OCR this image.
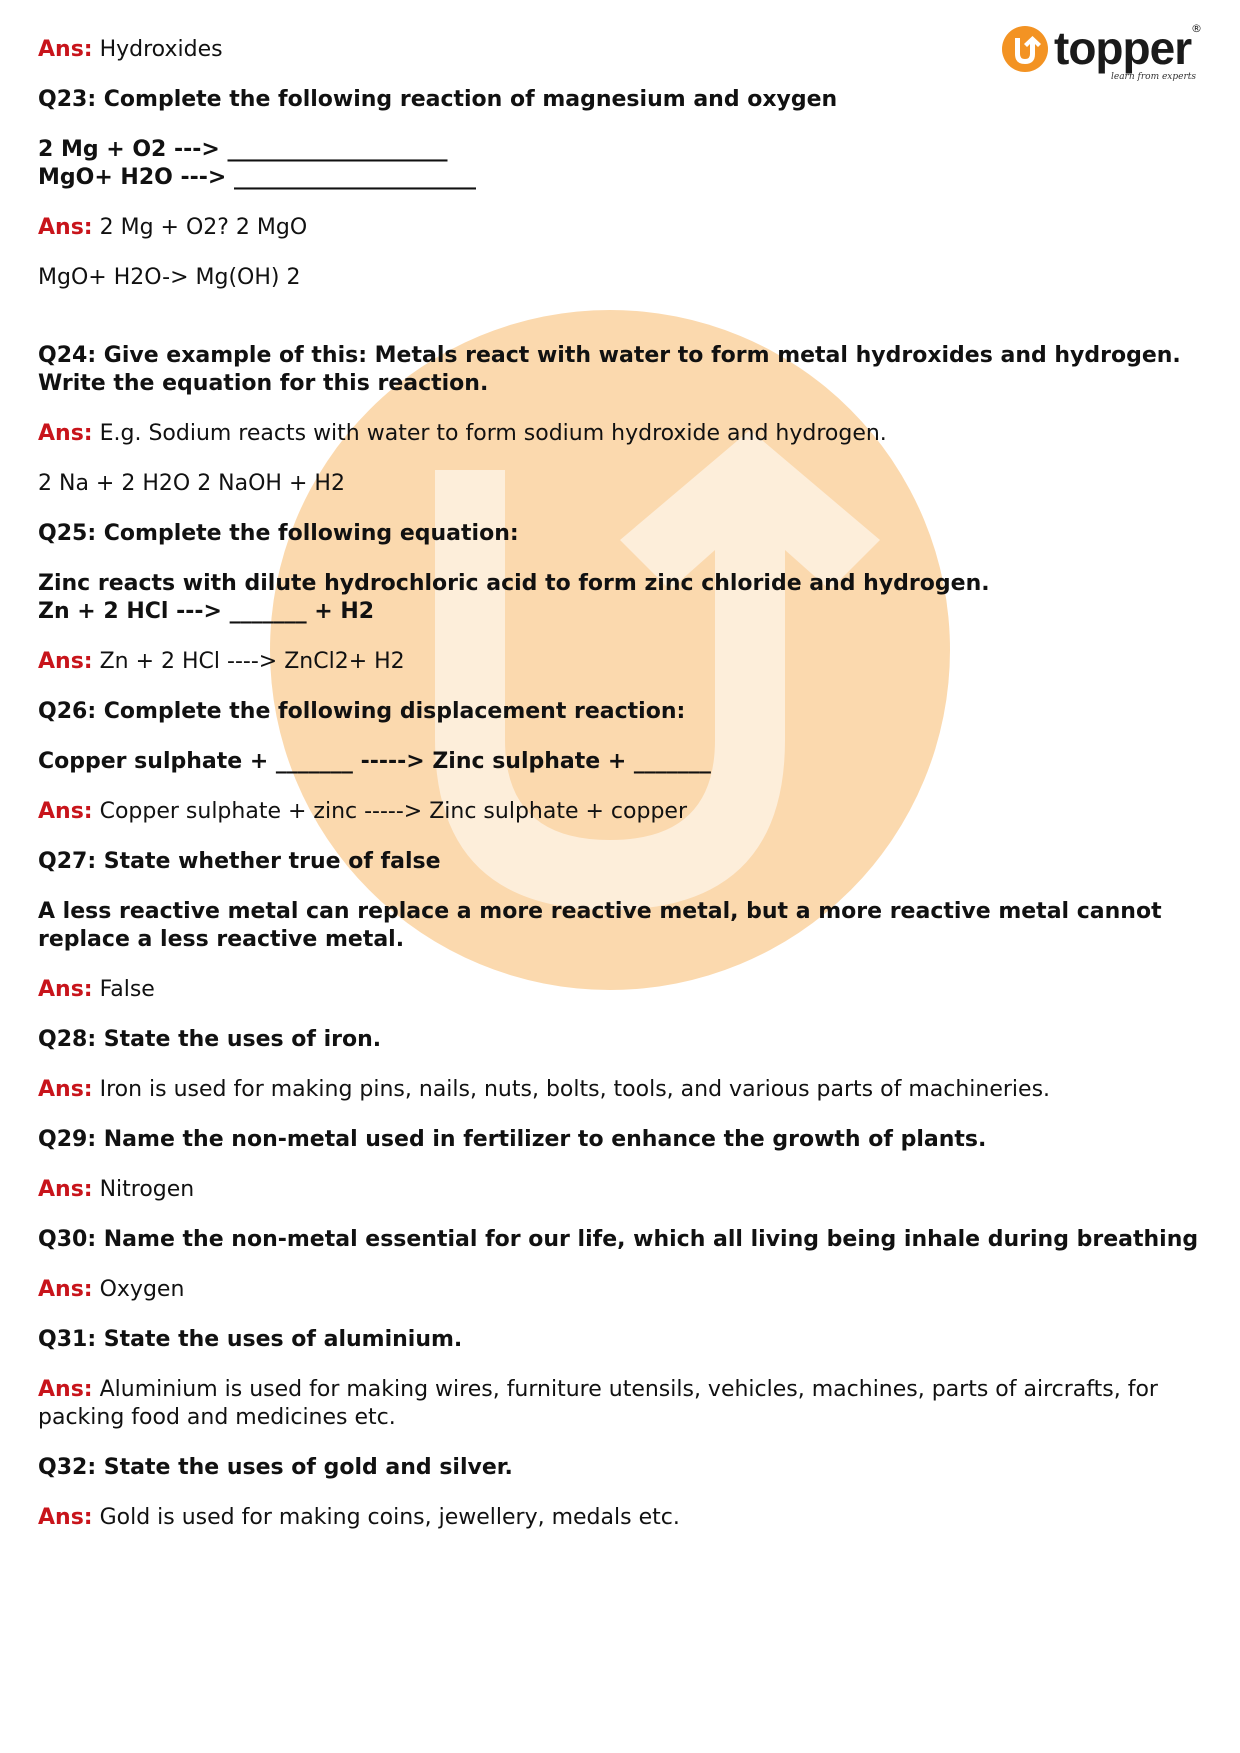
topper
learn from experts
®
Ans: Hydroxides
Q23: Complete the following reaction of magnesium and oxygen
2 Mg + O2 ---> ____________________
MgO+ H2O ---> ______________________
Ans: 2 Mg + O2? 2 MgO
MgO+ H2O-> Mg(OH) 2
Q24: Give example of this: Metals react with water to form metal hydroxides and hydrogen.
Write the equation for this reaction.
Ans: E.g. Sodium reacts with water to form sodium hydroxide and hydrogen.
2 Na + 2 H2O 2 NaOH + H2
Q25: Complete the following equation:
Zinc reacts with dilute hydrochloric acid to form zinc chloride and hydrogen.
Zn + 2 HCl ---> _______ + H2
Ans: Zn + 2 HCl ----> ZnCl2+ H2
Q26: Complete the following displacement reaction:
Copper sulphate + _______ -----> Zinc sulphate + _______
Ans: Copper sulphate + zinc -----> Zinc sulphate + copper
Q27: State whether true of false
A less reactive metal can replace a more reactive metal, but a more reactive metal cannot
replace a less reactive metal.
Ans: False
Q28: State the uses of iron.
Ans: Iron is used for making pins, nails, nuts, bolts, tools, and various parts of machineries.
Q29: Name the non-metal used in fertilizer to enhance the growth of plants.
Ans: Nitrogen
Q30: Name the non-metal essential for our life, which all living being inhale during breathing
Ans: Oxygen
Q31: State the uses of aluminium.
Ans: Aluminium is used for making wires, furniture utensils, vehicles, machines, parts of aircrafts, for
packing food and medicines etc.
Q32: State the uses of gold and silver.
Ans: Gold is used for making coins, jewellery, medals etc.
